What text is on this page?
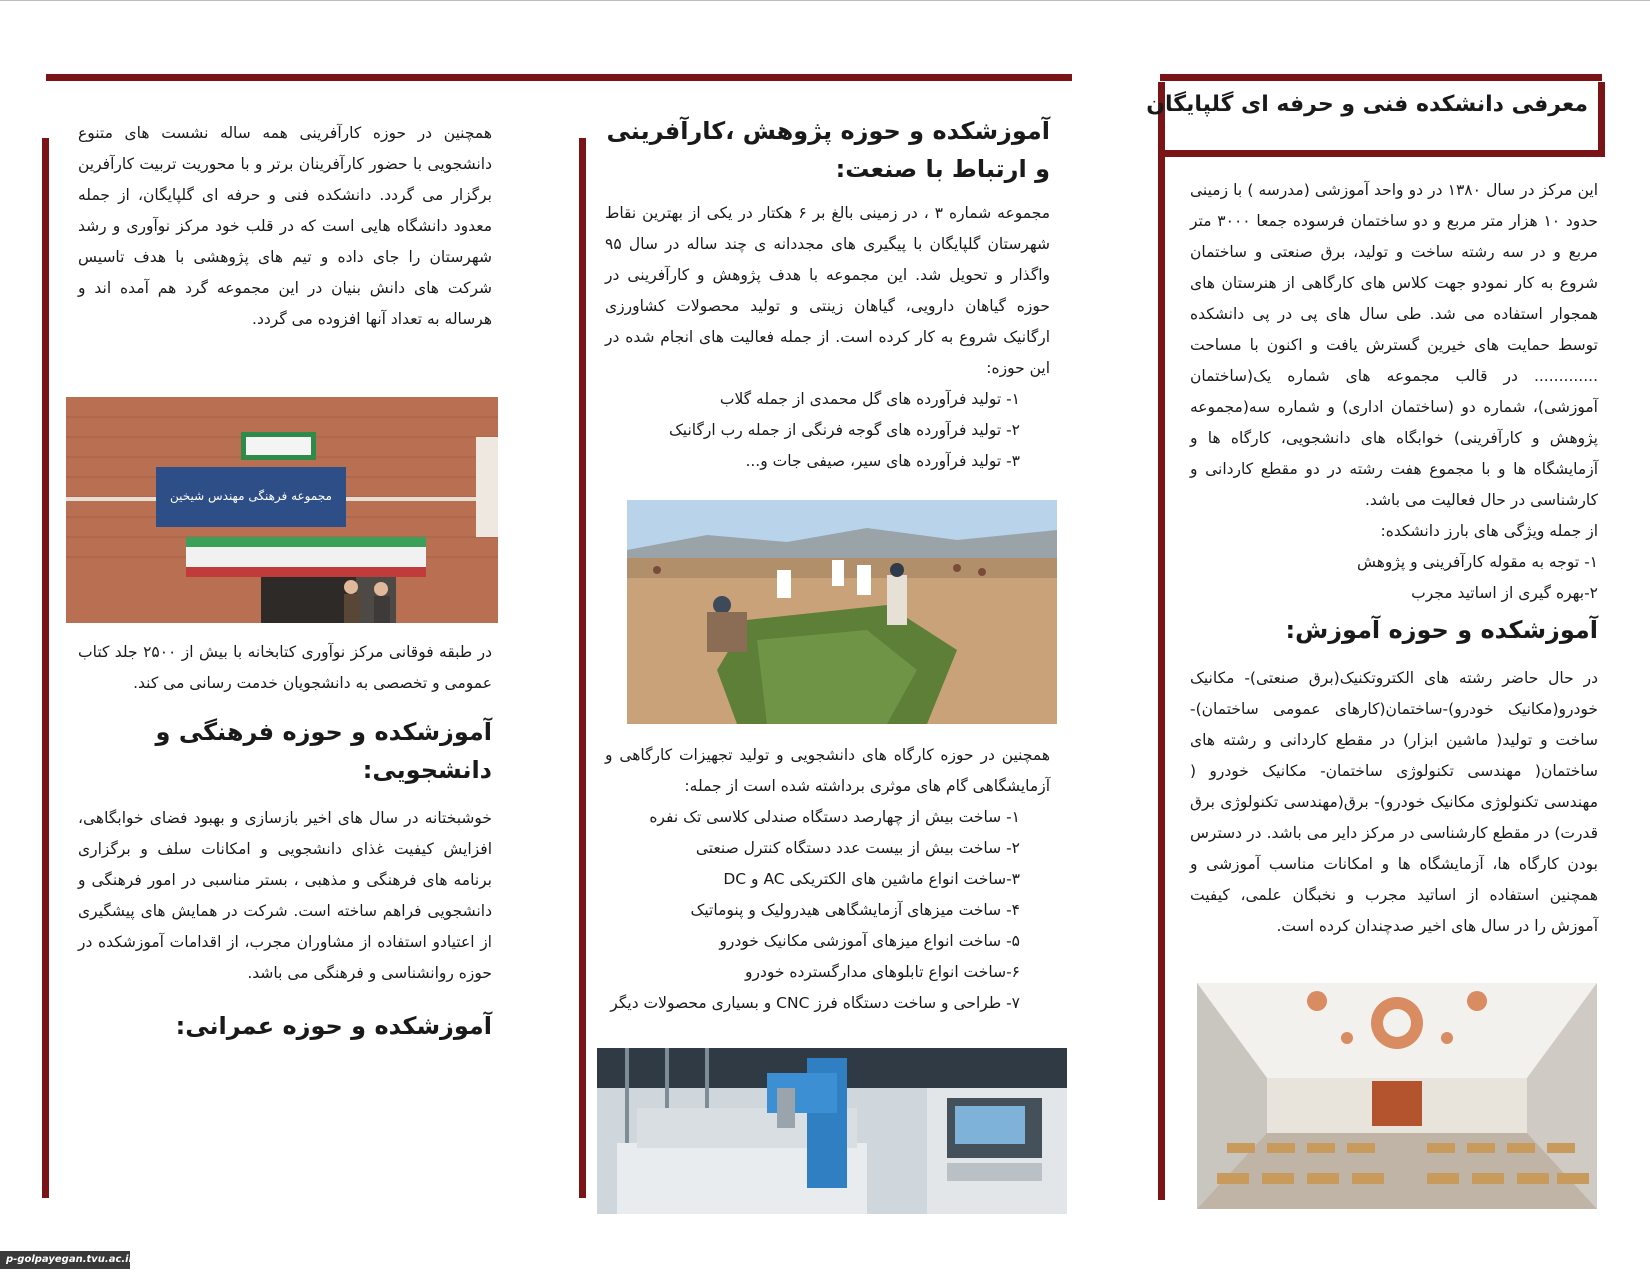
معرفی دانشکده فنی و حرفه ای گلپایگان

این مرکز در سال ۱۳۸۰ در دو واحد آموزشی (مدرسه ) با زمینی حدود ۱۰ هزار متر مربع و دو ساختمان فرسوده جمعا ۳۰۰۰ متر مربع و در سه رشته ساخت و تولید، برق صنعتی و ساختمان شروع به کار نمودو جهت کلاس های کارگاهی از هنرستان های همجوار استفاده می شد. طی سال های پی در پی دانشکده توسط حمایت های خیرین گسترش یافت و اکنون با مساحت ............. در قالب مجموعه های شماره یک(ساختمان آموزشی)، شماره دو (ساختمان اداری) و شماره سه(مجموعه پژوهش و کارآفرینی) خوابگاه های دانشجویی، کارگاه ها و آزمایشگاه ها و با مجموع هفت رشته در دو مقطع کاردانی و کارشناسی در حال فعالیت می باشد.

از جمله ویژگی های بارز دانشکده:

۱- توجه به مقوله کارآفرینی و پژوهش

۲-بهره گیری از اساتید مجرب

آموزشکده و حوزه آموزش:

در حال حاضر رشته های الکتروتکنیک(برق صنعتی)- مکانیک خودرو(مکانیک خودرو)-ساختمان(کارهای عمومی ساختمان)- ساخت و تولید( ماشین ابزار) در مقطع کاردانی و رشته های ساختمان( مهندسی تکنولوژی ساختمان- مکانیک خودرو ( مهندسی تکنولوژی مکانیک خودرو)- برق(مهندسی تکنولوژی برق قدرت) در مقطع کارشناسی در مرکز دایر می باشد. در دسترس بودن کارگاه ها، آزمایشگاه ها و امکانات مناسب آموزشی و همچنین استفاده از اساتید مجرب و نخبگان علمی، کیفیت آموزش را در سال های اخیر صدچندان کرده است.

آموزشکده و حوزه پژوهش ،کارآفرینی و ارتباط با صنعت:

مجموعه شماره ۳ ، در زمینی بالغ بر ۶ هکتار در یکی از بهترین نقاط شهرستان گلپایگان با پیگیری های مجددانه ی چند ساله در سال ۹۵ واگذار و تحویل شد. این مجموعه با هدف پژوهش و کارآفرینی در حوزه گیاهان دارویی، گیاهان زینتی و تولید محصولات کشاورزی ارگانیک شروع به کار کرده است. از جمله فعالیت های انجام شده در این حوزه:

۱- تولید فرآورده های گل محمدی از جمله گلاب

۲- تولید فرآورده های گوجه فرنگی از جمله رب ارگانیک

۳- تولید فرآورده های سیر، صیفی جات و...

همچنین در حوزه کارگاه های دانشجویی و تولید تجهیزات کارگاهی و آزمایشگاهی گام های موثری برداشته شده است از جمله:

۱- ساخت بیش از چهارصد دستگاه صندلی کلاسی تک نفره

۲- ساخت بیش از بیست عدد دستگاه کنترل صنعتی

۳-ساخت انواع ماشین های الکتریکی AC و DC

۴- ساخت میزهای آزمایشگاهی هیدرولیک و پنوماتیک

۵- ساخت انواع میزهای آموزشی مکانیک خودرو

۶-ساخت انواع تابلوهای مدارگسترده خودرو

۷- طراحی و ساخت دستگاه فرز CNC و بسیاری محصولات دیگر

همچنین در حوزه کارآفرینی همه ساله نشست های متنوع دانشجویی با حضور کارآفرینان برتر و با محوریت تربیت کارآفرین برگزار می گردد. دانشکده فنی و حرفه ای گلپایگان، از جمله معدود دانشگاه هایی است که در قلب خود مرکز نوآوری و رشد شهرستان را جای داده و تیم های پژوهشی با هدف تاسیس شرکت های دانش بنیان در این مجموعه گرد هم آمده اند و هرساله به تعداد آنها افزوده می گردد.

مجموعه فرهنگی مهندس شیخین

در طبقه فوقانی مرکز نوآوری کتابخانه با بیش از ۲۵۰۰ جلد کتاب عمومی و تخصصی به دانشجویان خدمت رسانی می کند.

آموزشکده و حوزه فرهنگی و دانشجویی:

خوشبختانه در سال های اخیر بازسازی و بهبود فضای خوابگاهی، افزایش کیفیت غذای دانشجویی و امکانات سلف و برگزاری برنامه های فرهنگی و مذهبی ، بستر مناسبی در امور فرهنگی و دانشجویی فراهم ساخته است. شرکت در همایش های پیشگیری از اعتیادو استفاده از مشاوران مجرب، از اقدامات آموزشکده در حوزه روانشناسی و فرهنگی می باشد.

آموزشکده و حوزه عمرانی:

p-golpayegan.tvu.ac.ir
